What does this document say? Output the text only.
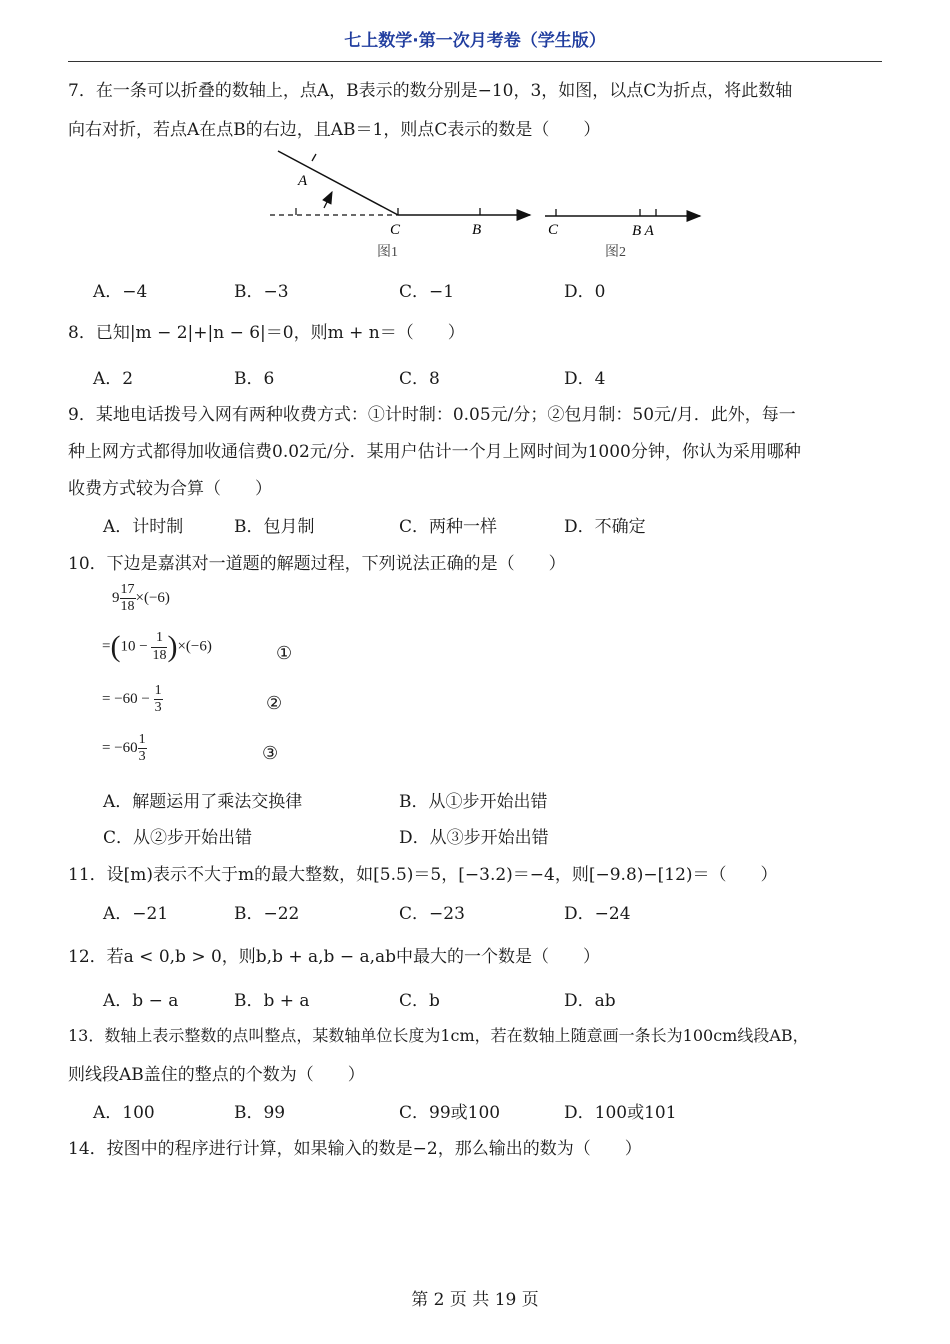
七上数学·第一次月考卷（学生版）
7．在一条可以折叠的数轴上，点A，B表示的数分别是−10，3，如图，以点C为折点，将此数轴
向右对折，若点A在点B的右边，且AB＝1，则点C表示的数是（　　）
A
C	B
图1
C	B A
图2
A．−4	B．−3	C．−1	D．0
8．已知|m − 2|+|n − 6|＝0，则m + n＝（　　）
A．2	B．6	C．8	D．4
9．某地电话拨号入网有两种收费方式：①计时制：0.05元/分；②包月制：50元/月．此外，每一
种上网方式都得加收通信费0.02元/分．某用户估计一个月上网时间为1000分钟，你认为采用哪种
收费方式较为合算（　　）
A．计时制	B．包月制	C．两种一样	D．不确定
10．下边是嘉淇对一道题的解题过程，下列说法正确的是（　　）
$9 \frac{17}{18} \times(-6)$
$=(10 - \frac{1}{18} )\times(-6)$	①
= $-60 - \frac{1}{3}$	②
= $-60 \frac{1}{3}$	③
A．解题运用了乘法交换律	B．从①步开始出错
C．从②步开始出错	D．从③步开始出错
11．设[m)表示不大于m的最大整数，如[5.5)＝5，[−3.2)＝−4，则[−9.8)−[12)＝（　　）
A．−21	B．−22	C．−23	D．−24
12．若a < 0,b > 0，则b,b + a,b − a,ab中最大的一个数是（　　）
A．b − a	B．b + a	C．b	D．ab
13．数轴上表示整数的点叫整点，某数轴单位长度为1cm，若在数轴上随意画一条长为100cm线段AB，
则线段AB盖住的整点的个数为（　　）
A．100	B．99	C．99或100	D．100或101
14．按图中的程序进行计算，如果输入的数是−2，那么输出的数为（　　）
第 2 页 共 19 页
